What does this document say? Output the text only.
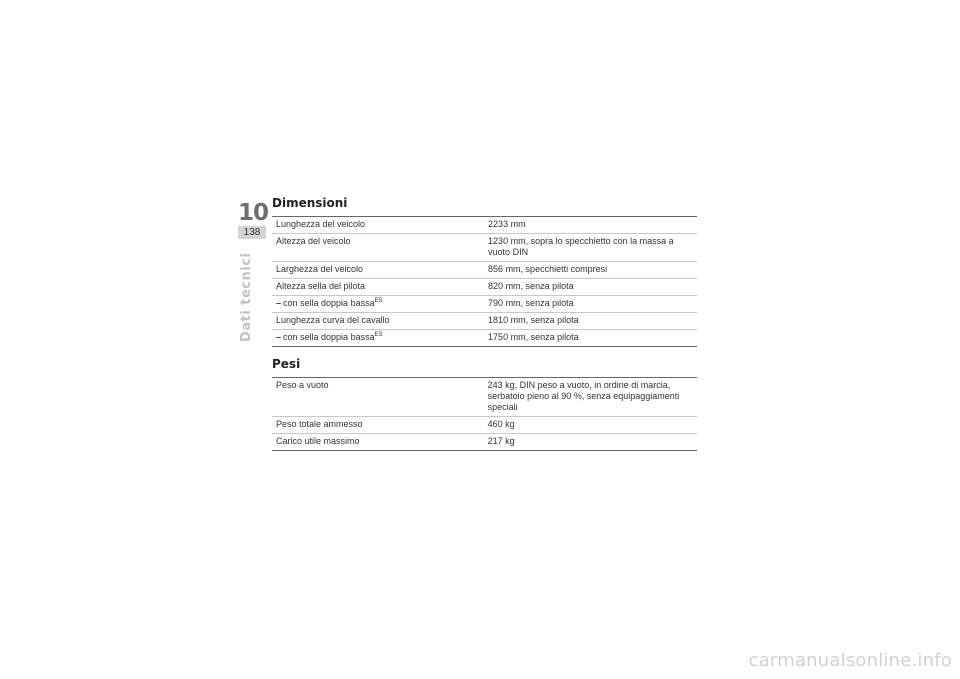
10
138
Dati tecnici
Dimensioni
Lunghezza del veicolo	2233 mm
Altezza del veicolo	1230 mm, sopra lo specchietto con la massa a vuoto DIN
Larghezza del veicolo	856 mm, specchietti compresi
Altezza sella del pilota	820 mm, senza pilota
– con sella doppia bassa$^{ES}$	790 mm, senza pilota
Lunghezza curva del cavallo	1810 mm, senza pilota
– con sella doppia bassa$^{ES}$	1750 mm, senza pilota
Pesi
Peso a vuoto	243 kg, DIN peso a vuoto, in ordine di marcia, serbatoio pieno al 90 %, senza equipaggiamenti speciali
Peso totale ammesso	460 kg
Carico utile massimo	217 kg
carmanualsonline.info
